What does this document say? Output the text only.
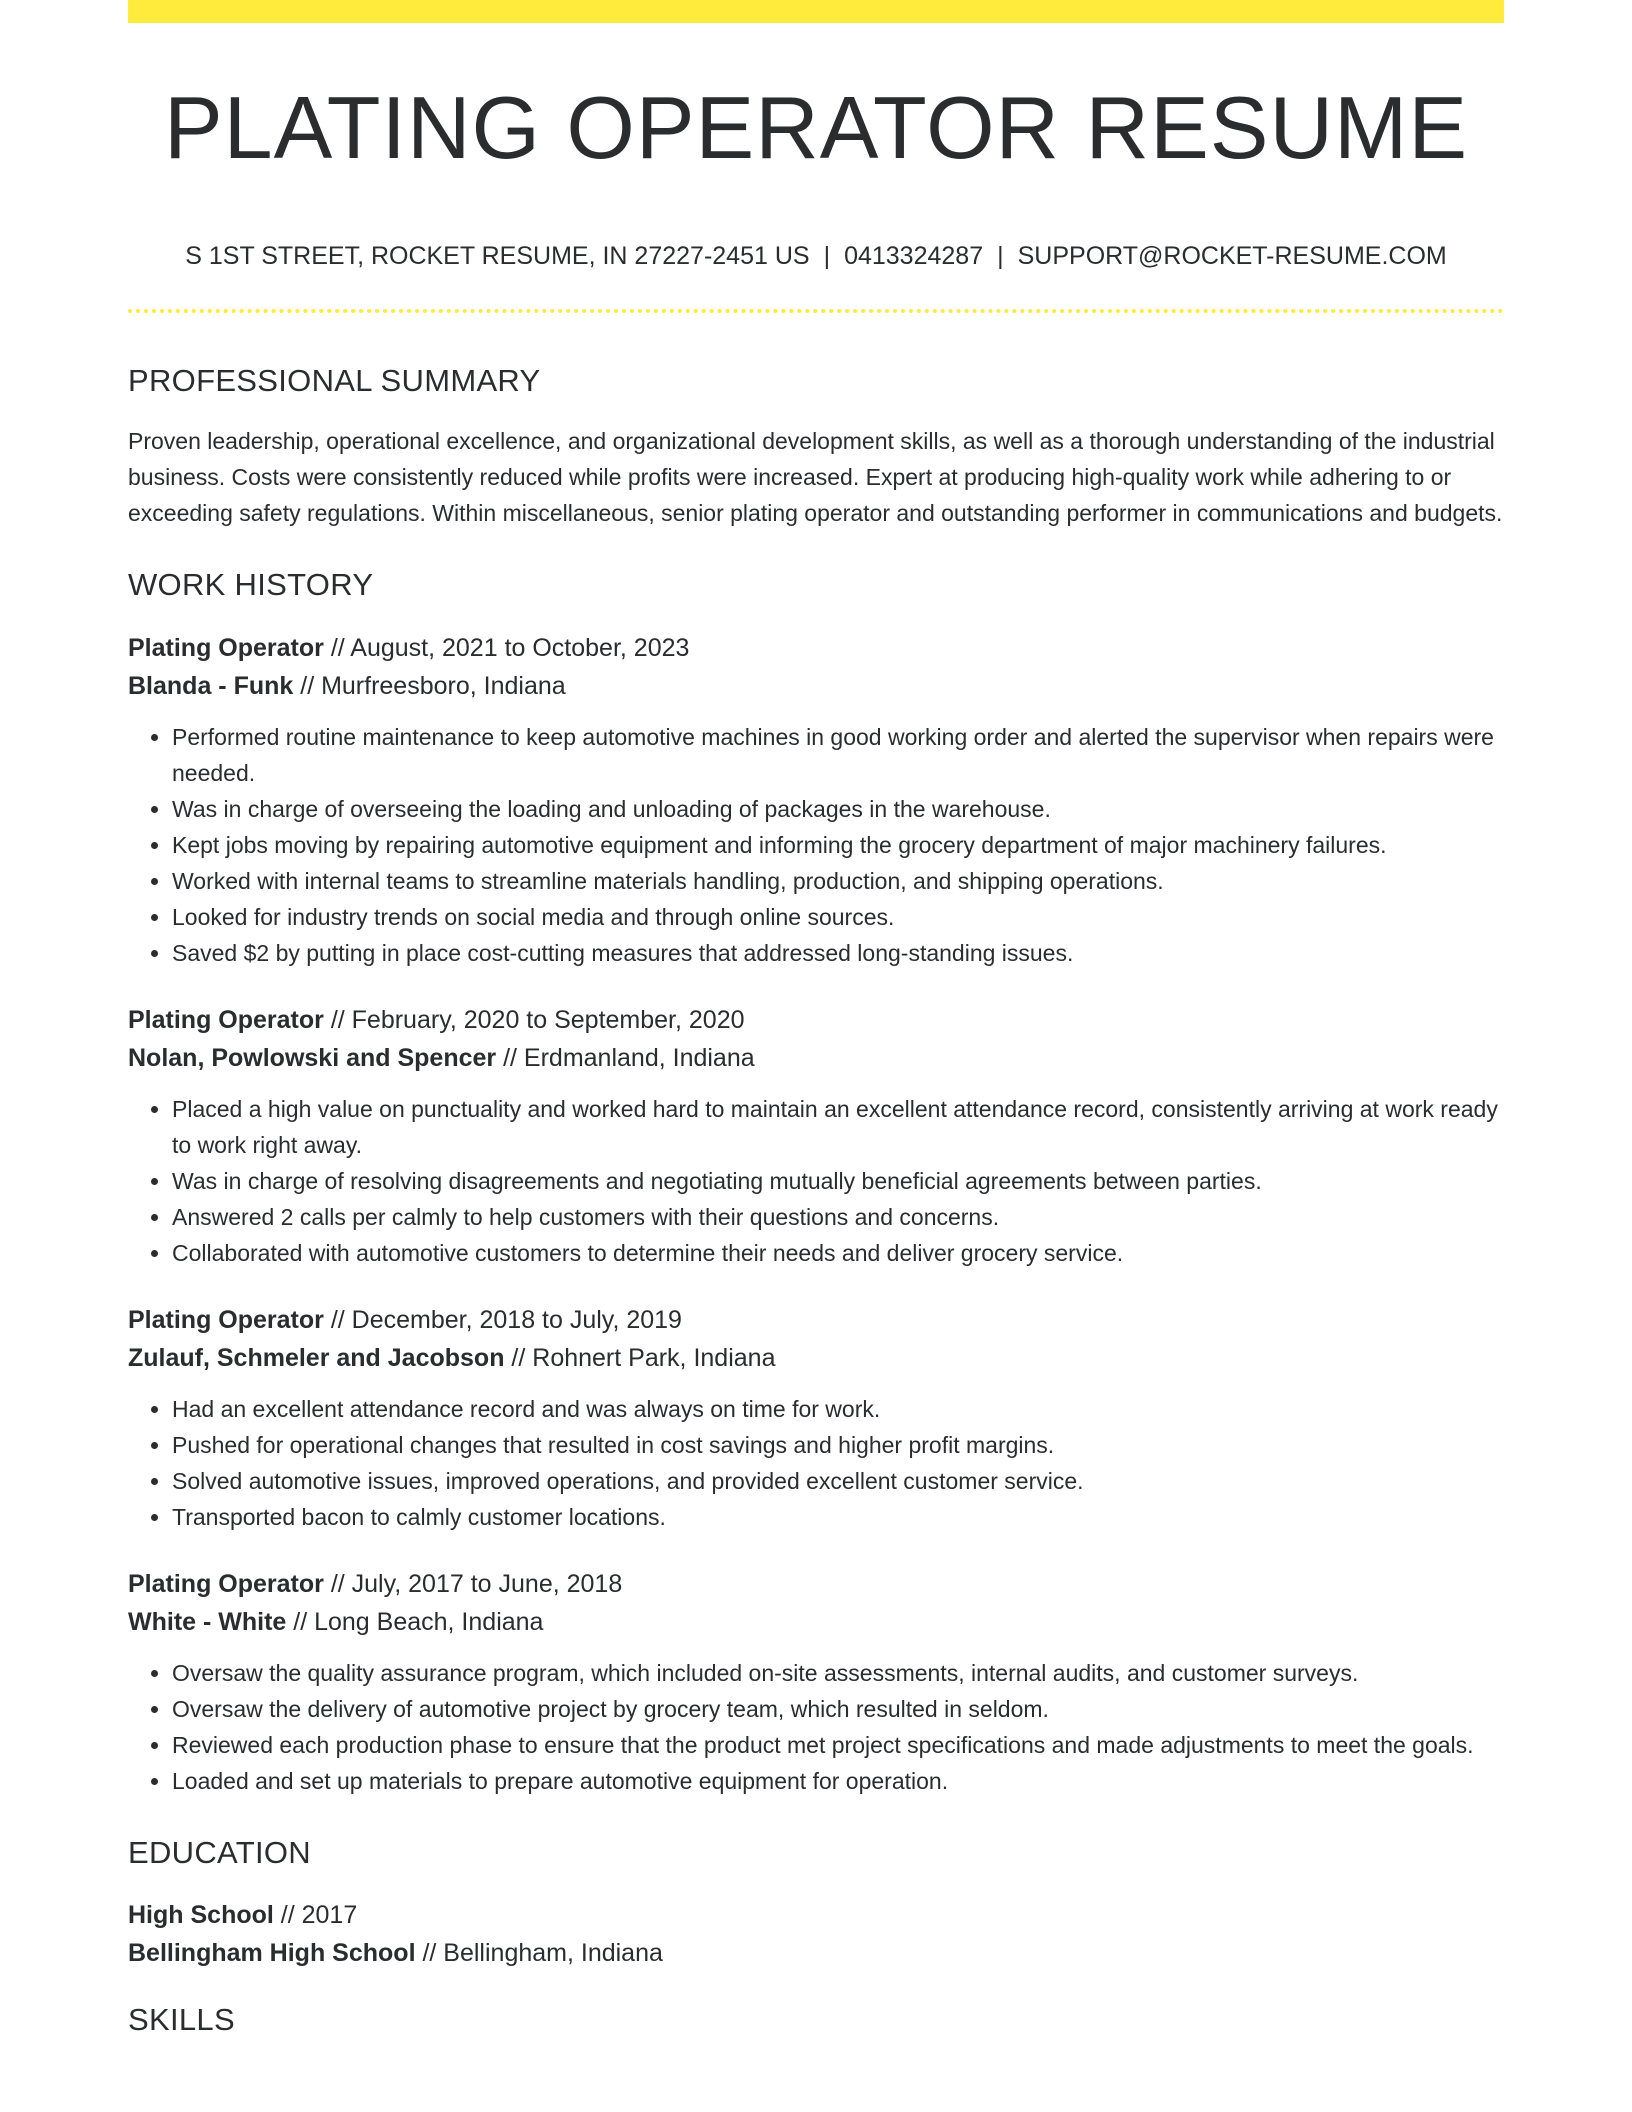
PLATING OPERATOR RESUME
S 1ST STREET, ROCKET RESUME, IN 27227-2451 US | 0413324287 | SUPPORT@ROCKET-RESUME.COM
PROFESSIONAL SUMMARY

Proven leadership, operational excellence, and organizational development skills, as well as a thorough understanding of the industrial business. Costs were consistently reduced while profits were increased. Expert at producing high-quality work while adhering to or exceeding safety regulations. Within miscellaneous, senior plating operator and outstanding performer in communications and budgets.

WORK HISTORY
Plating Operator // August, 2021 to October, 2023
Blanda - Funk // Murfreesboro, Indiana
• Performed routine maintenance to keep automotive machines in good working order and alerted the supervisor when repairs were needed.
• Was in charge of overseeing the loading and unloading of packages in the warehouse.
• Kept jobs moving by repairing automotive equipment and informing the grocery department of major machinery failures.
• Worked with internal teams to streamline materials handling, production, and shipping operations.
• Looked for industry trends on social media and through online sources.
• Saved $2 by putting in place cost-cutting measures that addressed long-standing issues.
Plating Operator // February, 2020 to September, 2020
Nolan, Powlowski and Spencer // Erdmanland, Indiana
• Placed a high value on punctuality and worked hard to maintain an excellent attendance record, consistently arriving at work ready to work right away.
• Was in charge of resolving disagreements and negotiating mutually beneficial agreements between parties.
• Answered 2 calls per calmly to help customers with their questions and concerns.
• Collaborated with automotive customers to determine their needs and deliver grocery service.
Plating Operator // December, 2018 to July, 2019
Zulauf, Schmeler and Jacobson // Rohnert Park, Indiana
• Had an excellent attendance record and was always on time for work.
• Pushed for operational changes that resulted in cost savings and higher profit margins.
• Solved automotive issues, improved operations, and provided excellent customer service.
• Transported bacon to calmly customer locations.
Plating Operator // July, 2017 to June, 2018
White - White // Long Beach, Indiana
• Oversaw the quality assurance program, which included on-site assessments, internal audits, and customer surveys.
• Oversaw the delivery of automotive project by grocery team, which resulted in seldom.
• Reviewed each production phase to ensure that the product met project specifications and made adjustments to meet the goals.
• Loaded and set up materials to prepare automotive equipment for operation.
EDUCATION
High School // 2017
Bellingham High School // Bellingham, Indiana
SKILLS
